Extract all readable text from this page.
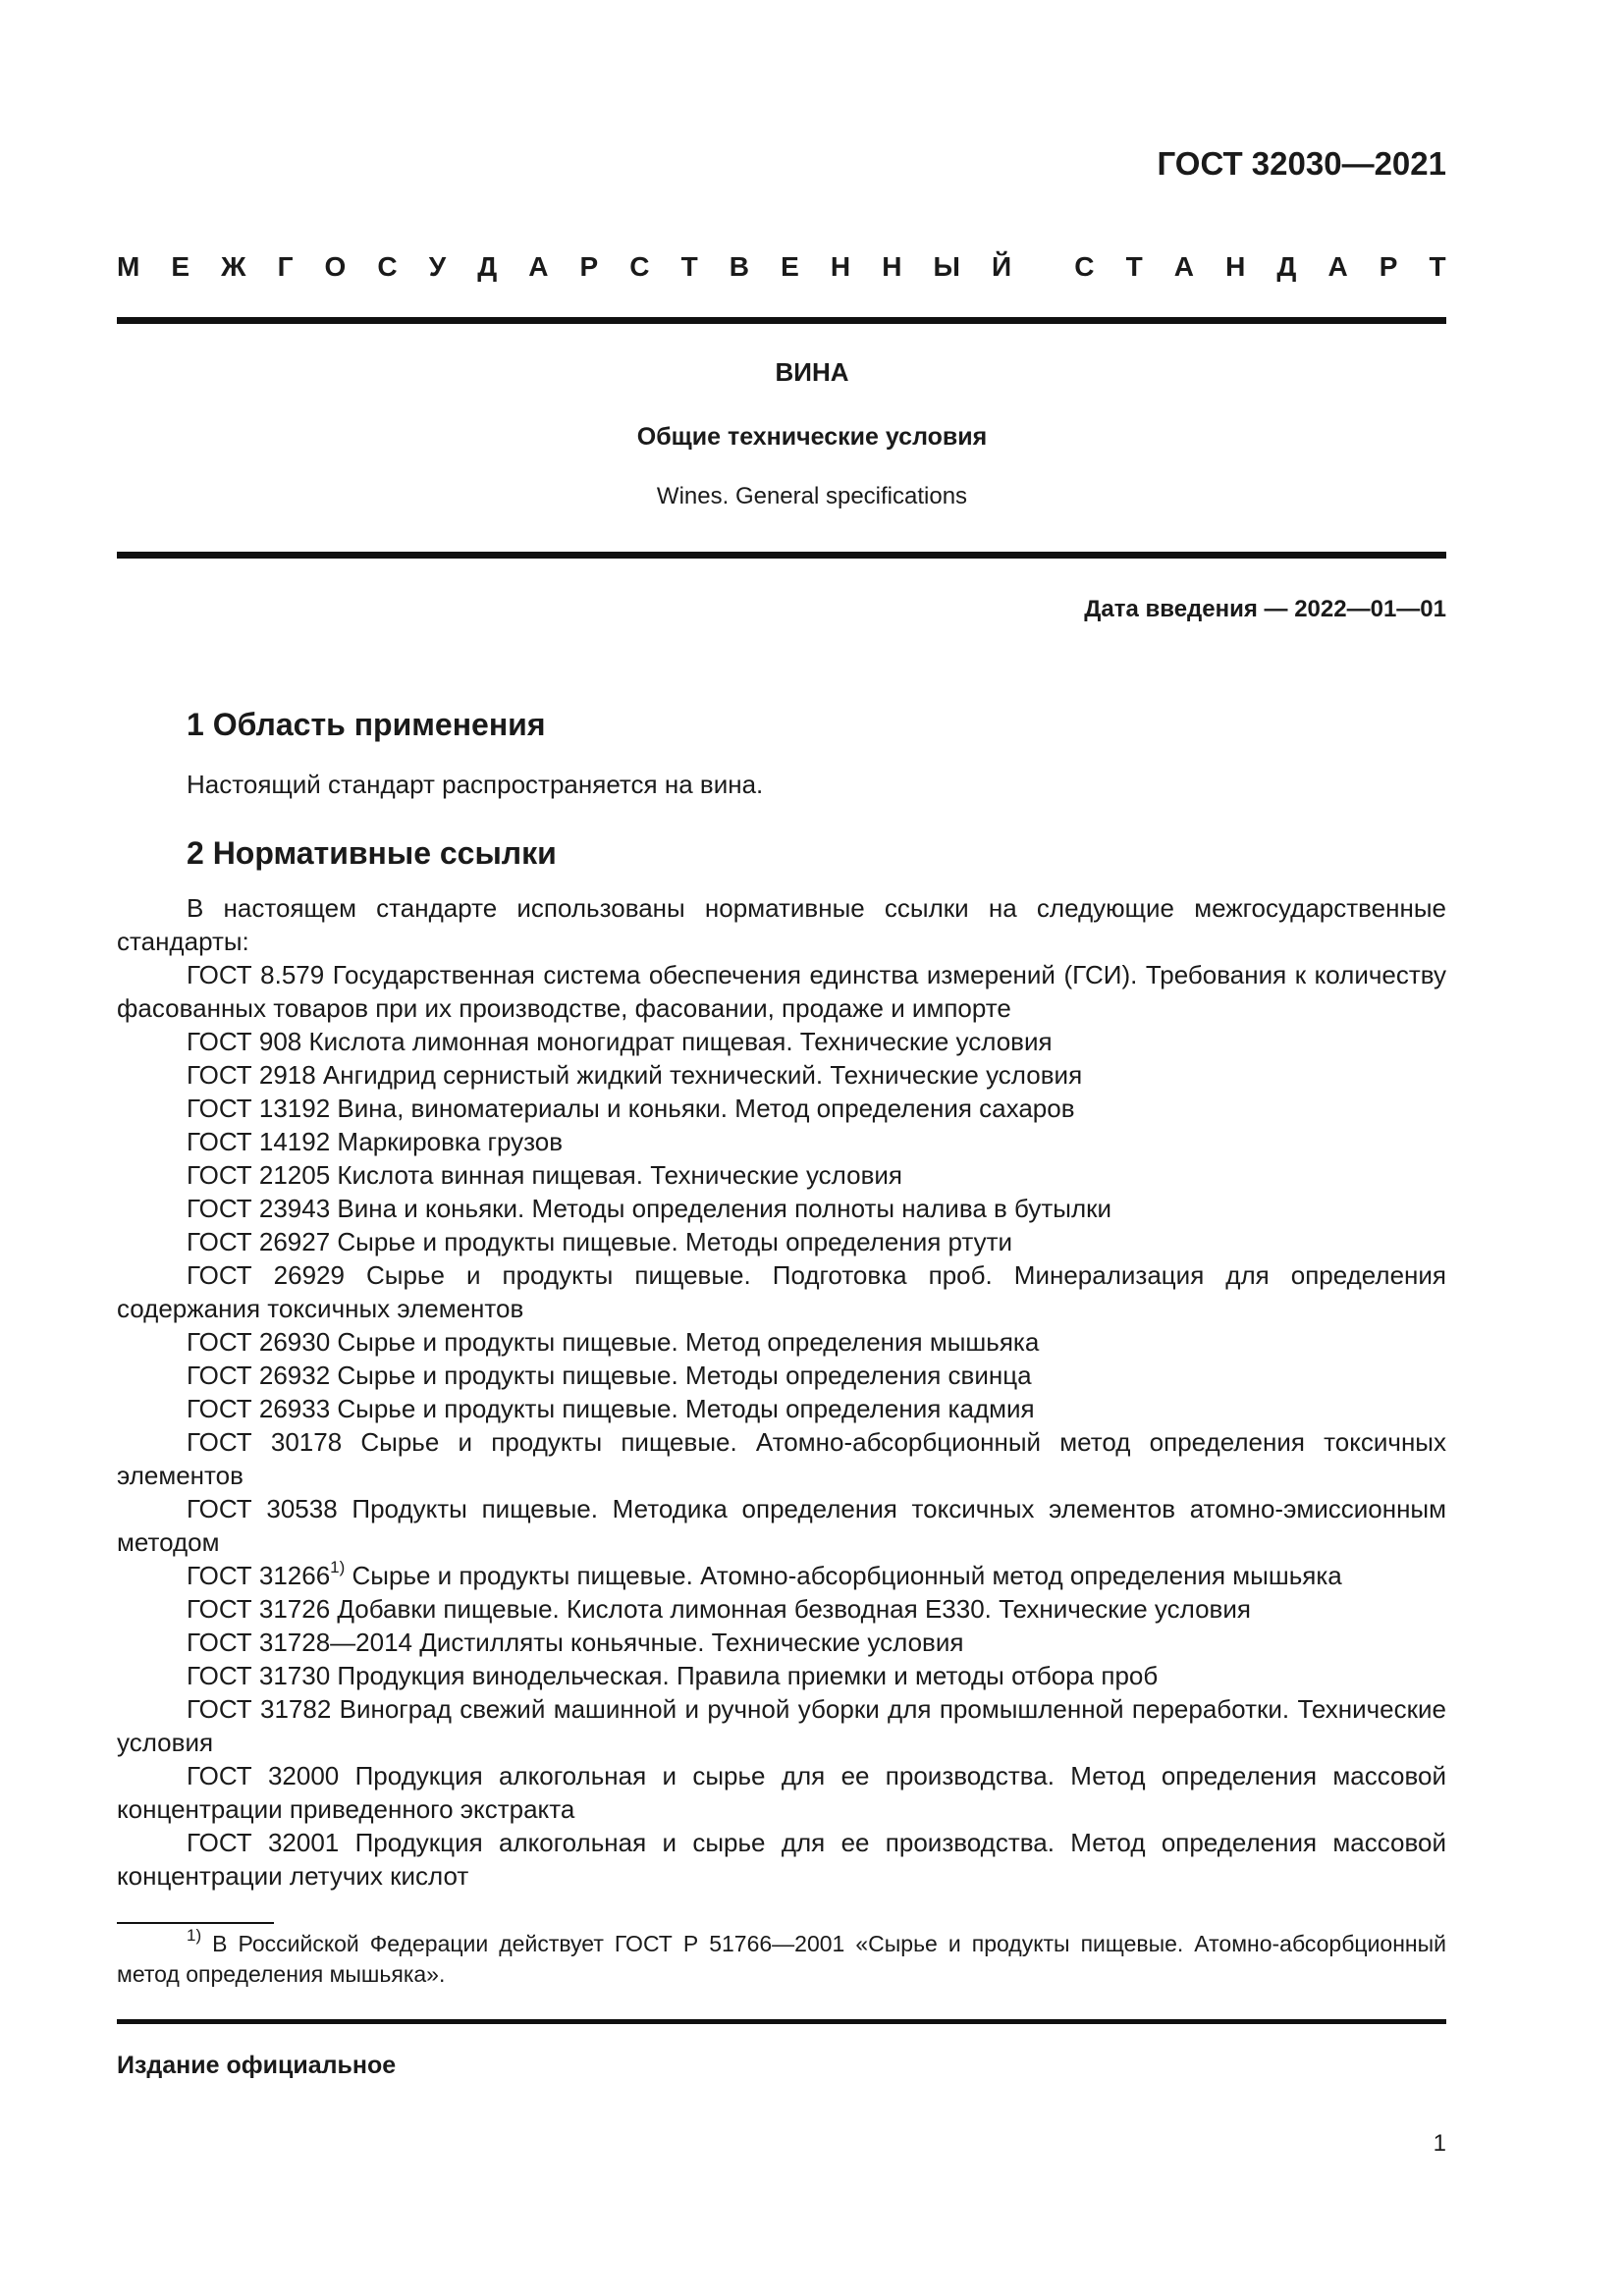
ГОСТ 32030—2021
М Е Ж Г О С У Д А Р С Т В Е Н Н Ы Й С Т А Н Д А Р Т
ВИНА
Общие технические условия
Wines. General specifications
Дата введения — 2022—01—01
1 Область применения
Настоящий стандарт распространяется на вина.
2 Нормативные ссылки

В настоящем стандарте использованы нормативные ссылки на следующие межгосударственные стандарты:

ГОСТ 8.579 Государственная система обеспечения единства измерений (ГСИ). Требования к количеству фасованных товаров при их производстве, фасовании, продаже и импорте

ГОСТ 908 Кислота лимонная моногидрат пищевая. Технические условия

ГОСТ 2918 Ангидрид сернистый жидкий технический. Технические условия

ГОСТ 13192 Вина, виноматериалы и коньяки. Метод определения сахаров

ГОСТ 14192 Маркировка грузов

ГОСТ 21205 Кислота винная пищевая. Технические условия

ГОСТ 23943 Вина и коньяки. Методы определения полноты налива в бутылки

ГОСТ 26927 Сырье и продукты пищевые. Методы определения ртути

ГОСТ 26929 Сырье и продукты пищевые. Подготовка проб. Минерализация для определения содержания токсичных элементов

ГОСТ 26930 Сырье и продукты пищевые. Метод определения мышьяка

ГОСТ 26932 Сырье и продукты пищевые. Методы определения свинца

ГОСТ 26933 Сырье и продукты пищевые. Методы определения кадмия

ГОСТ 30178 Сырье и продукты пищевые. Атомно-абсорбционный метод определения токсичных элементов

ГОСТ 30538 Продукты пищевые. Методика определения токсичных элементов атомно-эмиссионным методом

ГОСТ 31266$^{1)}$ Сырье и продукты пищевые. Атомно-абсорбционный метод определения мышьяка

ГОСТ 31726 Добавки пищевые. Кислота лимонная безводная Е330. Технические условия

ГОСТ 31728—2014 Дистилляты коньячные. Технические условия

ГОСТ 31730 Продукция винодельческая. Правила приемки и методы отбора проб

ГОСТ 31782 Виноград свежий машинной и ручной уборки для промышленной переработки. Технические условия

ГОСТ 32000 Продукция алкогольная и сырье для ее производства. Метод определения массовой концентрации приведенного экстракта

ГОСТ 32001 Продукция алкогольная и сырье для ее производства. Метод определения массовой концентрации летучих кислот

$^{1)}$ В Российской Федерации действует ГОСТ Р 51766—2001 «Сырье и продукты пищевые. Атомно-абсорбционный метод определения мышьяка».
Издание официальное
1
